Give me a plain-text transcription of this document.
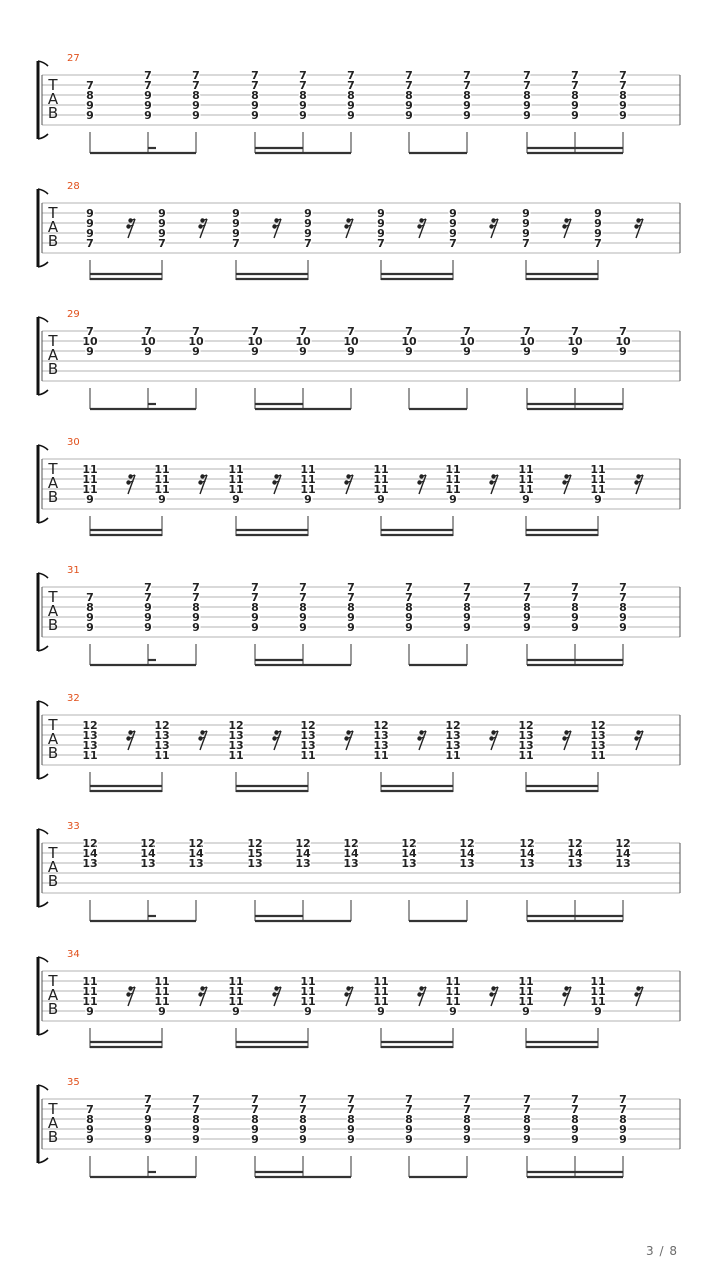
T
A
B
27
7
8
9
9
7
7
9
9
9
7
7
8
9
9
7
7
8
9
9
7
7
8
9
9
7
7
8
9
9
7
7
8
9
9
7
7
8
9
9
7
7
8
9
9
7
7
8
9
9
7
7
8
9
9
T
A
B
28
9
9
9
7
9
9
9
7
9
9
9
7
9
9
9
7
9
9
9
7
9
9
9
7
9
9
9
7
9
9
9
7
T
A
B
29
7
10
9
7
10
9
7
10
9
7
10
9
7
10
9
7
10
9
7
10
9
7
10
9
7
10
9
7
10
9
7
10
9
T
A
B
30
11
11
11
9
11
11
11
9
11
11
11
9
11
11
11
9
11
11
11
9
11
11
11
9
11
11
11
9
11
11
11
9
T
A
B
31
7
8
9
9
7
7
9
9
9
7
7
8
9
9
7
7
8
9
9
7
7
8
9
9
7
7
8
9
9
7
7
8
9
9
7
7
8
9
9
7
7
8
9
9
7
7
8
9
9
7
7
8
9
9
T
A
B
32
12
13
13
11
12
13
13
11
12
13
13
11
12
13
13
11
12
13
13
11
12
13
13
11
12
13
13
11
12
13
13
11
T
A
B
33
12
14
13
12
14
13
12
14
13
12
15
13
12
14
13
12
14
13
12
14
13
12
14
13
12
14
13
12
14
13
12
14
13
T
A
B
34
11
11
11
9
11
11
11
9
11
11
11
9
11
11
11
9
11
11
11
9
11
11
11
9
11
11
11
9
11
11
11
9
T
A
B
35
7
8
9
9
7
7
9
9
9
7
7
8
9
9
7
7
8
9
9
7
7
8
9
9
7
7
8
9
9
7
7
8
9
9
7
7
8
9
9
7
7
8
9
9
7
7
8
9
9
7
7
8
9
9
3 / 8
